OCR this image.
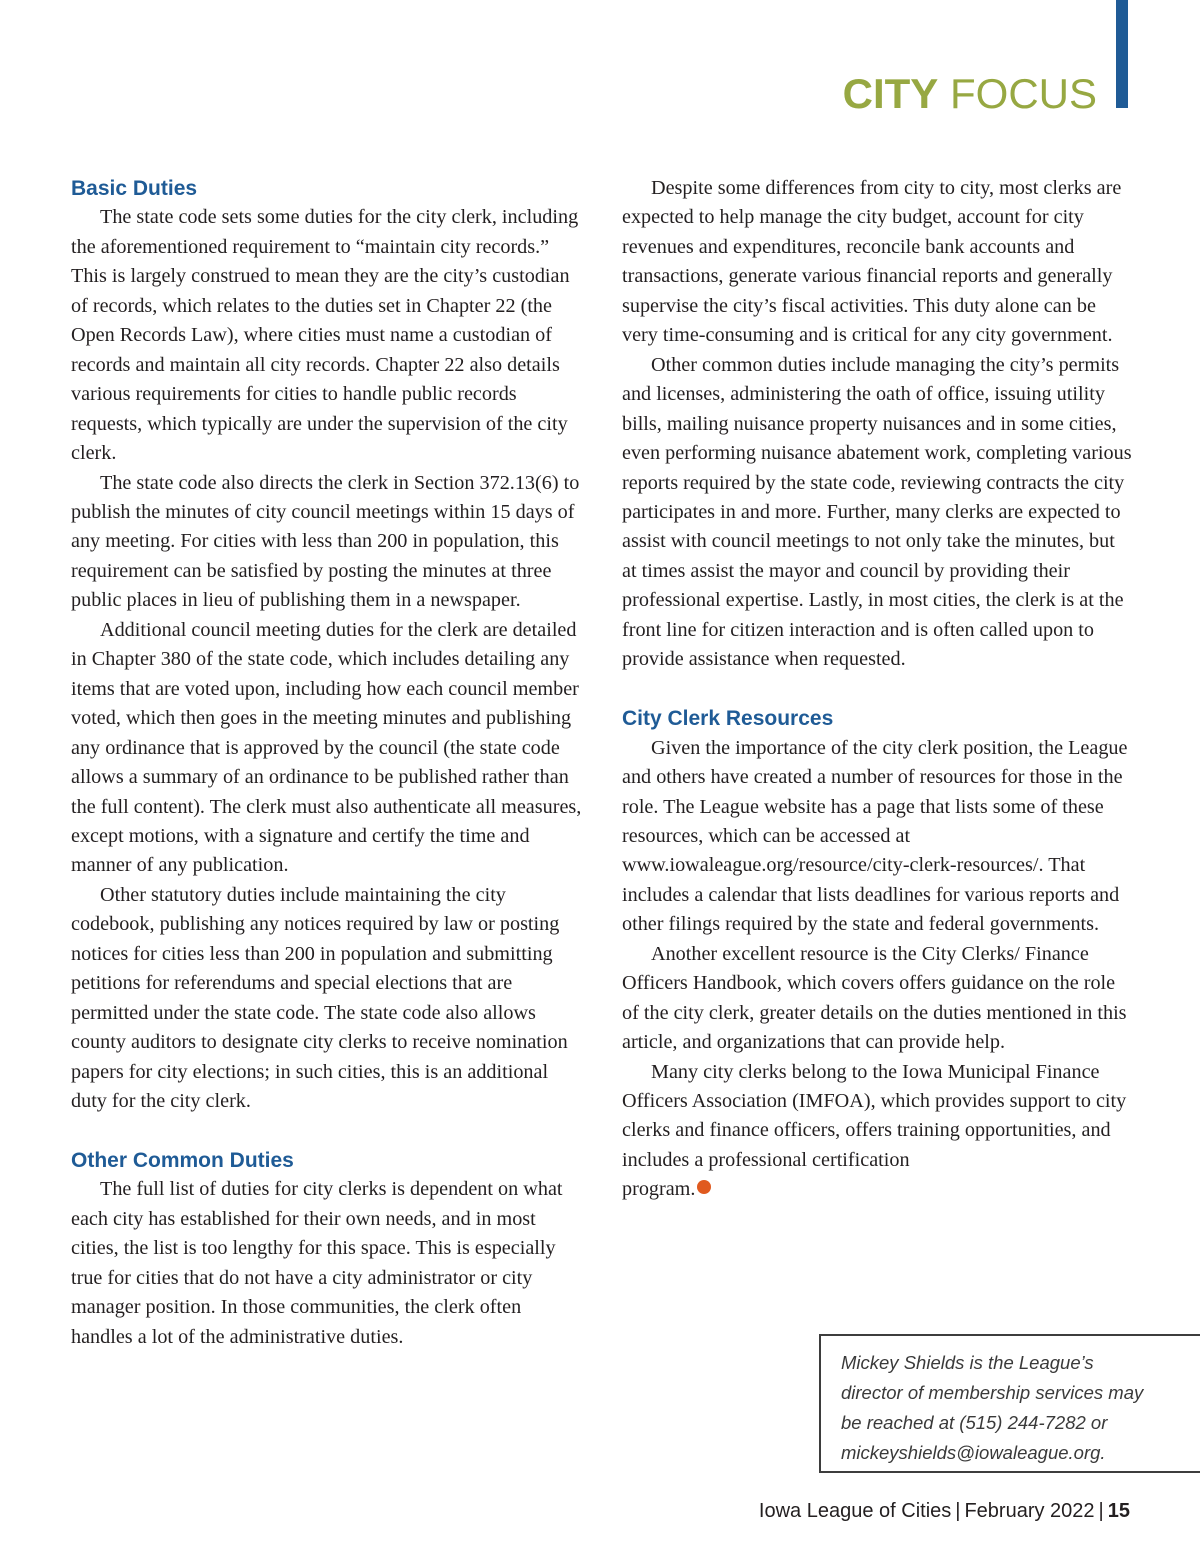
CITY FOCUS
Basic Duties

The state code sets some duties for the city clerk, including the aforementioned requirement to “maintain city records.” This is largely construed to mean they are the city’s custodian of records, which relates to the duties set in Chapter 22 (the Open Records Law), where cities must name a custodian of records and maintain all city records. Chapter 22 also details various requirements for cities to handle public records requests, which typically are under the supervision of the city clerk.

The state code also directs the clerk in Section 372.13(6) to publish the minutes of city council meetings within 15 days of any meeting. For cities with less than 200 in population, this requirement can be satisfied by posting the minutes at three public places in lieu of publishing them in a newspaper.

Additional council meeting duties for the clerk are detailed in Chapter 380 of the state code, which includes detailing any items that are voted upon, including how each council member voted, which then goes in the meeting minutes and publishing any ordinance that is approved by the council (the state code allows a summary of an ordinance to be published rather than the full content). The clerk must also authenticate all measures, except motions, with a signature and certify the time and manner of any publication.

Other statutory duties include maintaining the city codebook, publishing any notices required by law or posting notices for cities less than 200 in population and submitting petitions for referendums and special elections that are permitted under the state code. The state code also allows county auditors to designate city clerks to receive nomination papers for city elections; in such cities, this is an additional duty for the city clerk.

Other Common Duties

The full list of duties for city clerks is dependent on what each city has established for their own needs, and in most cities, the list is too lengthy for this space. This is especially true for cities that do not have a city administrator or city manager position. In those communities, the clerk often handles a lot of the administrative duties.

Despite some differences from city to city, most clerks are expected to help manage the city budget, account for city revenues and expenditures, reconcile bank accounts and transactions, generate various financial reports and generally supervise the city’s fiscal activities. This duty alone can be very time-consuming and is critical for any city government.

Other common duties include managing the city’s permits and licenses, administering the oath of office, issuing utility bills, mailing nuisance property nuisances and in some cities, even performing nuisance abatement work, completing various reports required by the state code, reviewing contracts the city participates in and more. Further, many clerks are expected to assist with council meetings to not only take the minutes, but at times assist the mayor and council by providing their professional expertise. Lastly, in most cities, the clerk is at the front line for citizen interaction and is often called upon to provide assistance when requested.

City Clerk Resources

Given the importance of the city clerk position, the League and others have created a number of resources for those in the role. The League website has a page that lists some of these resources, which can be accessed at www.iowaleague.org/resource/city-clerk-resources/. That includes a calendar that lists deadlines for various reports and other filings required by the state and federal governments.

Another excellent resource is the City Clerks/ Finance Officers Handbook, which covers offers guidance on the role of the city clerk, greater details on the duties mentioned in this article, and organizations that can provide help.

Many city clerks belong to the Iowa Municipal Finance Officers Association (IMFOA), which provides support to city clerks and finance officers, offers training opportunities, and includes a professional certification
program.

Mickey Shields is the League’s
director of membership services may
be reached at (515) 244-7282 or
mickeyshields@iowaleague.org.
Iowa League of Cities | February 2022 | 15
